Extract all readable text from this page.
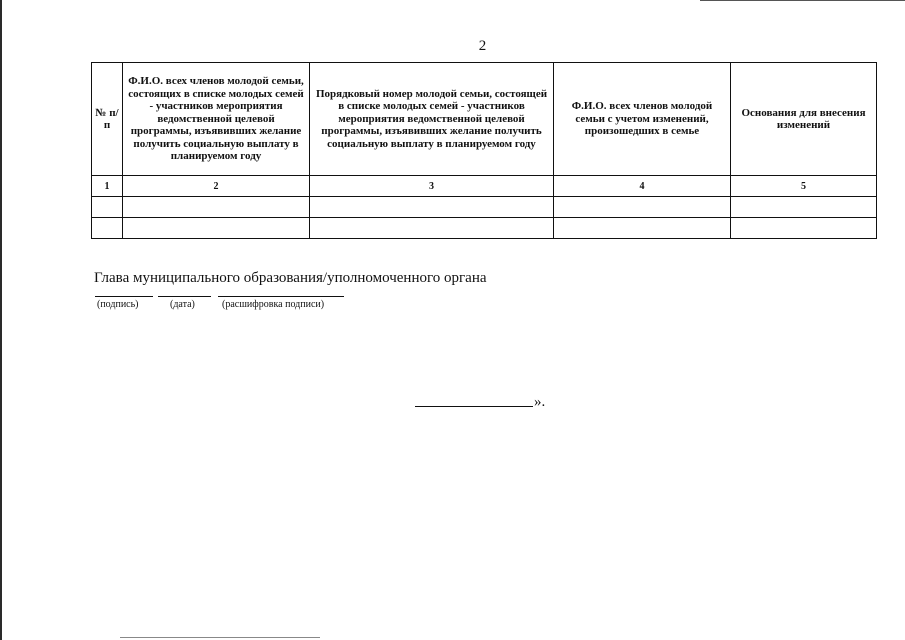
2
№ п/п	Ф.И.О. всех членов молодой семьи, состоящих в списке молодых семей - участников мероприятия ведомственной целевой программы, изъявивших желание получить социальную выплату в планируемом году	Порядковый номер молодой семьи, состоящей в списке молодых семей - участников мероприятия ведомственной целевой программы, изъявивших желание получить социальную выплату в планируемом году	Ф.И.О. всех членов молодой семьи с учетом изменений, произошедших в семье	Основания для внесения изменений
1	2	3	4	5

Глава муниципального образования/уполномоченного органа
(подпись)	(дата)	(расшифровка подписи)
».
